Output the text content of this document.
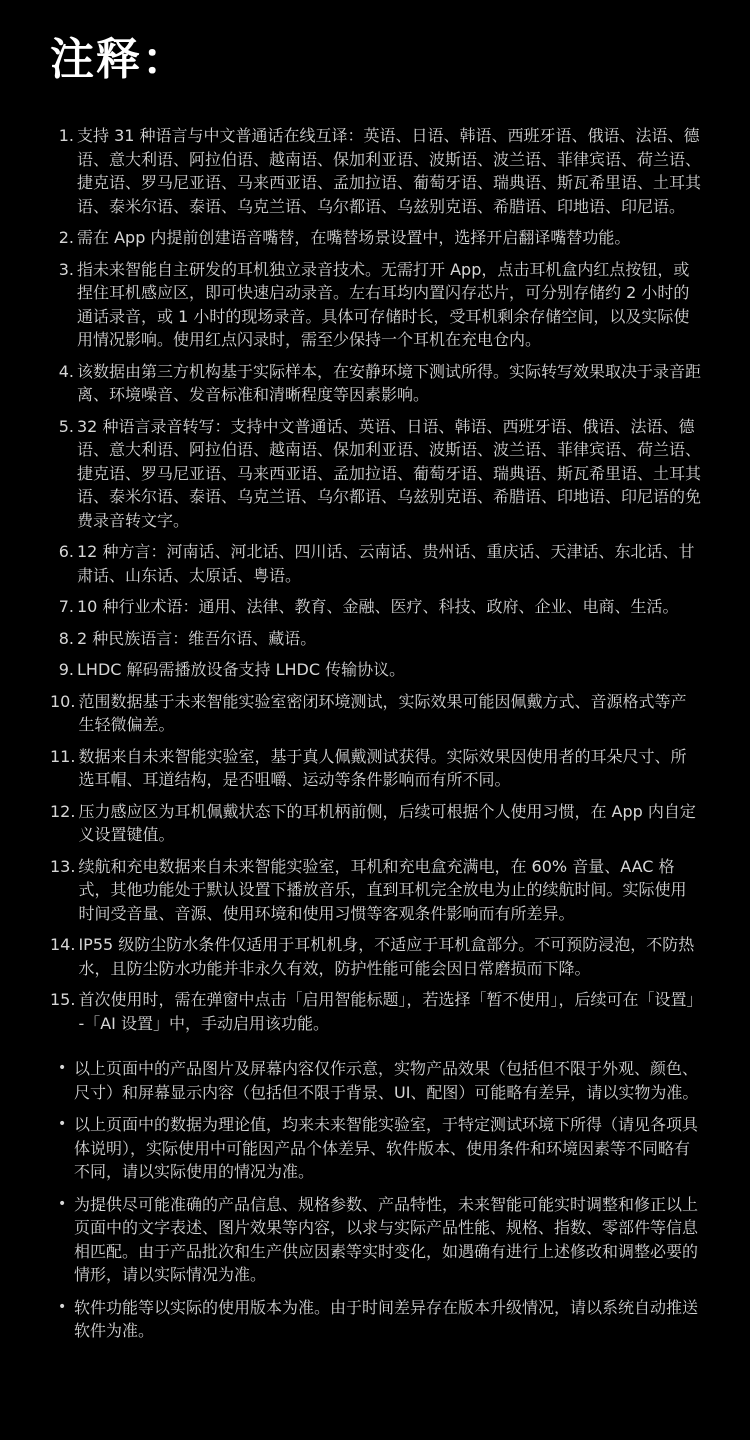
注释：
1. 支持 31 种语言与中文普通话在线互译：英语、日语、韩语、西班牙语、俄语、法语、德语、意大利语、阿拉伯语、越南语、保加利亚语、波斯语、波兰语、菲律宾语、荷兰语、捷克语、罗马尼亚语、马来西亚语、孟加拉语、葡萄牙语、瑞典语、斯瓦希里语、土耳其语、泰米尔语、泰语、乌克兰语、乌尔都语、乌兹别克语、希腊语、印地语、印尼语。
2. 需在 App 内提前创建语音嘴替，在嘴替场景设置中，选择开启翻译嘴替功能。
3. 指未来智能自主研发的耳机独立录音技术。无需打开 App，点击耳机盒内红点按钮，或捏住耳机感应区，即可快速启动录音。左右耳均内置闪存芯片，可分别存储约 2 小时的通话录音，或 1 小时的现场录音。具体可存储时长，受耳机剩余存储空间，以及实际使用情况影响。使用红点闪录时，需至少保持一个耳机在充电仓内。
4. 该数据由第三方机构基于实际样本，在安静环境下测试所得。实际转写效果取决于录音距离、环境噪音、发音标准和清晰程度等因素影响。
5. 32 种语言录音转写：支持中文普通话、英语、日语、韩语、西班牙语、俄语、法语、德语、意大利语、阿拉伯语、越南语、保加利亚语、波斯语、波兰语、菲律宾语、荷兰语、捷克语、罗马尼亚语、马来西亚语、孟加拉语、葡萄牙语、瑞典语、斯瓦希里语、土耳其语、泰米尔语、泰语、乌克兰语、乌尔都语、乌兹别克语、希腊语、印地语、印尼语的免费录音转文字。
6. 12 种方言：河南话、河北话、四川话、云南话、贵州话、重庆话、天津话、东北话、甘肃话、山东话、太原话、粤语。
7. 10 种行业术语：通用、法律、教育、金融、医疗、科技、政府、企业、电商、生活。
8. 2 种民族语言：维吾尔语、藏语。
9. LHDC 解码需播放设备支持 LHDC 传输协议。
10. 范围数据基于未来智能实验室密闭环境测试，实际效果可能因佩戴方式、音源格式等产生轻微偏差。
11. 数据来自未来智能实验室，基于真人佩戴测试获得。实际效果因使用者的耳朵尺寸、所选耳帽、耳道结构，是否咀嚼、运动等条件影响而有所不同。
12. 压力感应区为耳机佩戴状态下的耳机柄前侧，后续可根据个人使用习惯，在 App 内自定义设置键值。
13. 续航和充电数据来自未来智能实验室，耳机和充电盒充满电，在 60% 音量、AAC 格式，其他功能处于默认设置下播放音乐，直到耳机完全放电为止的续航时间。实际使用时间受音量、音源、使用环境和使用习惯等客观条件影响而有所差异。
14. IP55 级防尘防水条件仅适用于耳机机身，不适应于耳机盒部分。不可预防浸泡，不防热水，且防尘防水功能并非永久有效，防护性能可能会因日常磨损而下降。
15. 首次使用时，需在弹窗中点击「启用智能标题」，若选择「暂不使用」，后续可在「设置」-「AI 设置」中，手动启用该功能。
• 以上页面中的产品图片及屏幕内容仅作示意，实物产品效果（包括但不限于外观、颜色、尺寸）和屏幕显示内容（包括但不限于背景、UI、配图）可能略有差异，请以实物为准。
• 以上页面中的数据为理论值，均来未来智能实验室，于特定测试环境下所得（请见各项具体说明），实际使用中可能因产品个体差异、软件版本、使用条件和环境因素等不同略有不同，请以实际使用的情况为准。
• 为提供尽可能准确的产品信息、规格参数、产品特性，未来智能可能实时调整和修正以上页面中的文字表述、图片效果等内容，以求与实际产品性能、规格、指数、零部件等信息相匹配。由于产品批次和生产供应因素等实时变化，如遇确有进行上述修改和调整必要的情形，请以实际情况为准。
• 软件功能等以实际的使用版本为准。由于时间差异存在版本升级情况，请以系统自动推送软件为准。
